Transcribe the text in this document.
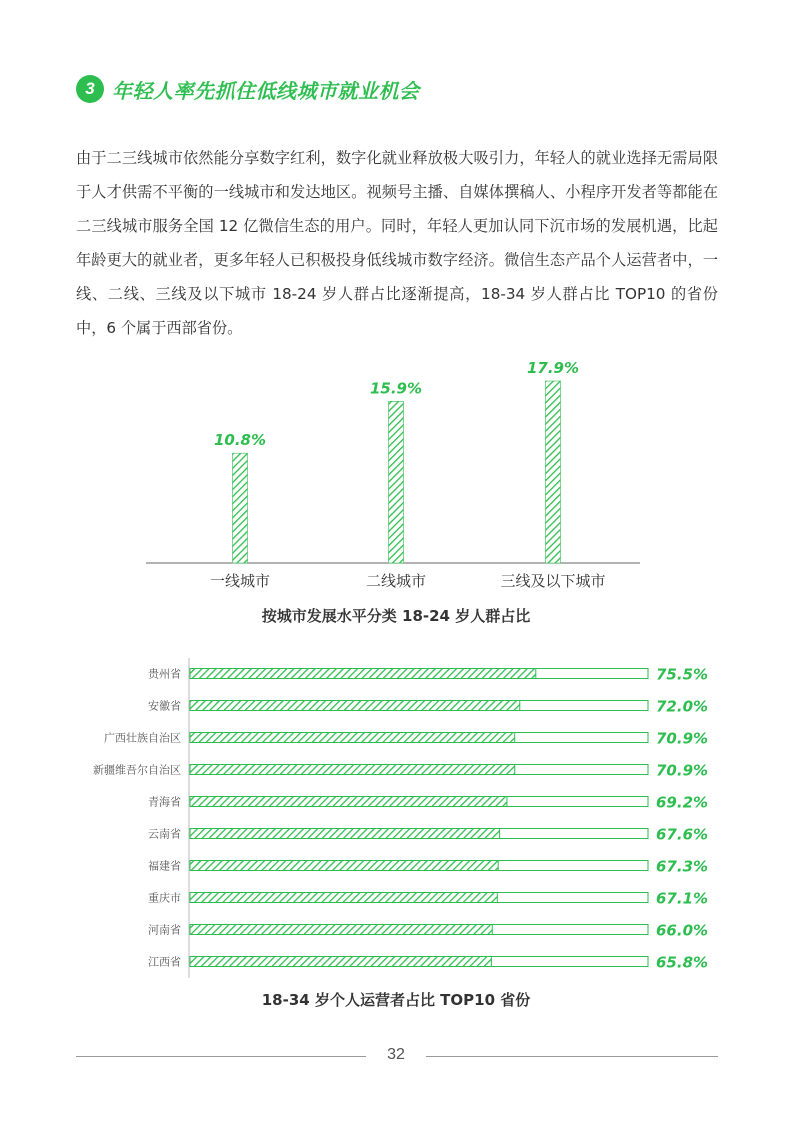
3 年轻人率先抓住低线城市就业机会

由于二三线城市依然能分享数字红利，数字化就业释放极大吸引力，年轻人的就业选择无需局限于人才供需不平衡的一线城市和发达地区。视频号主播、自媒体撰稿人、小程序开发者等都能在二三线城市服务全国 12 亿微信生态的用户。同时，年轻人更加认同下沉市场的发展机遇，比起年龄更大的就业者，更多年轻人已积极投身低线城市数字经济。微信生态产品个人运营者中，一线、二线、三线及以下城市 18-24 岁人群占比逐渐提高，18-34 岁人群占比 TOP10 的省份中，6 个属于西部省份。

10.8%
一线城市
15.9%
二线城市
17.9%
三线及以下城市
按城市发展水平分类 18-24 岁人群占比
贵州省	75.5%
安徽省	72.0%
广西壮族自治区	70.9%
新疆维吾尔自治区	70.9%
青海省	69.2%
云南省	67.6%
福建省	67.3%
重庆市	67.1%
河南省	66.0%
江西省	65.8%
18-34 岁个人运营者占比 TOP10 省份
32
